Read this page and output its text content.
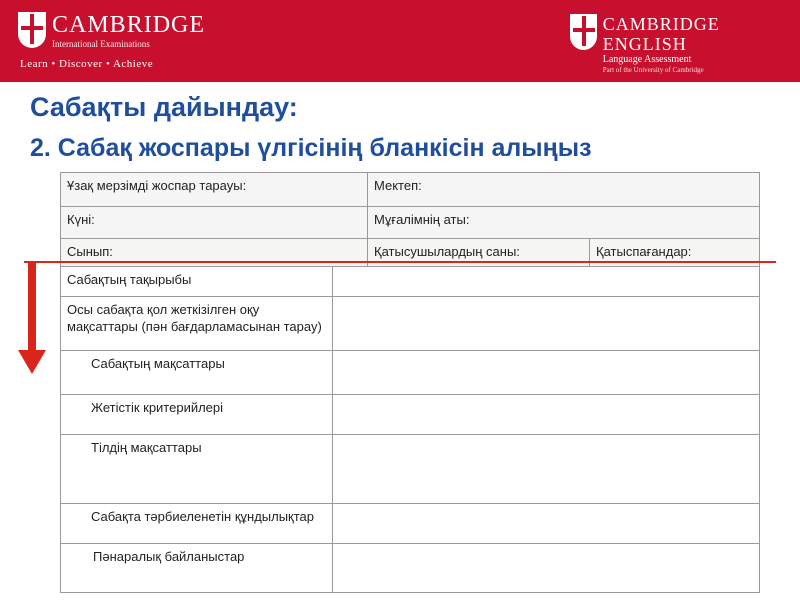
CAMBRIDGE
International Examinations
Learn • Discover • Achieve
CAMBRIDGE ENGLISH
Language Assessment
Part of the University of Cambridge
Сабақты дайындау:
2. Сабақ жоспары үлгісінің бланкісін алыңыз
Ұзақ мерзімді жоспар тарауы:	Мектеп:
Күні:	Мұғалімнің аты:
Сынып:	Қатысушылардың саны:	Қатыспағандар:
Сабақтың тақырыбы
Осы сабақта қол жеткізілген оқу мақсаттары (пән бағдарламасынан тарау)
Сабақтың мақсаттары
Жетістік критерийлері
Тілдің мақсаттары
Сабақта тәрбиеленетін құндылықтар
Пәнаралық байланыстар
